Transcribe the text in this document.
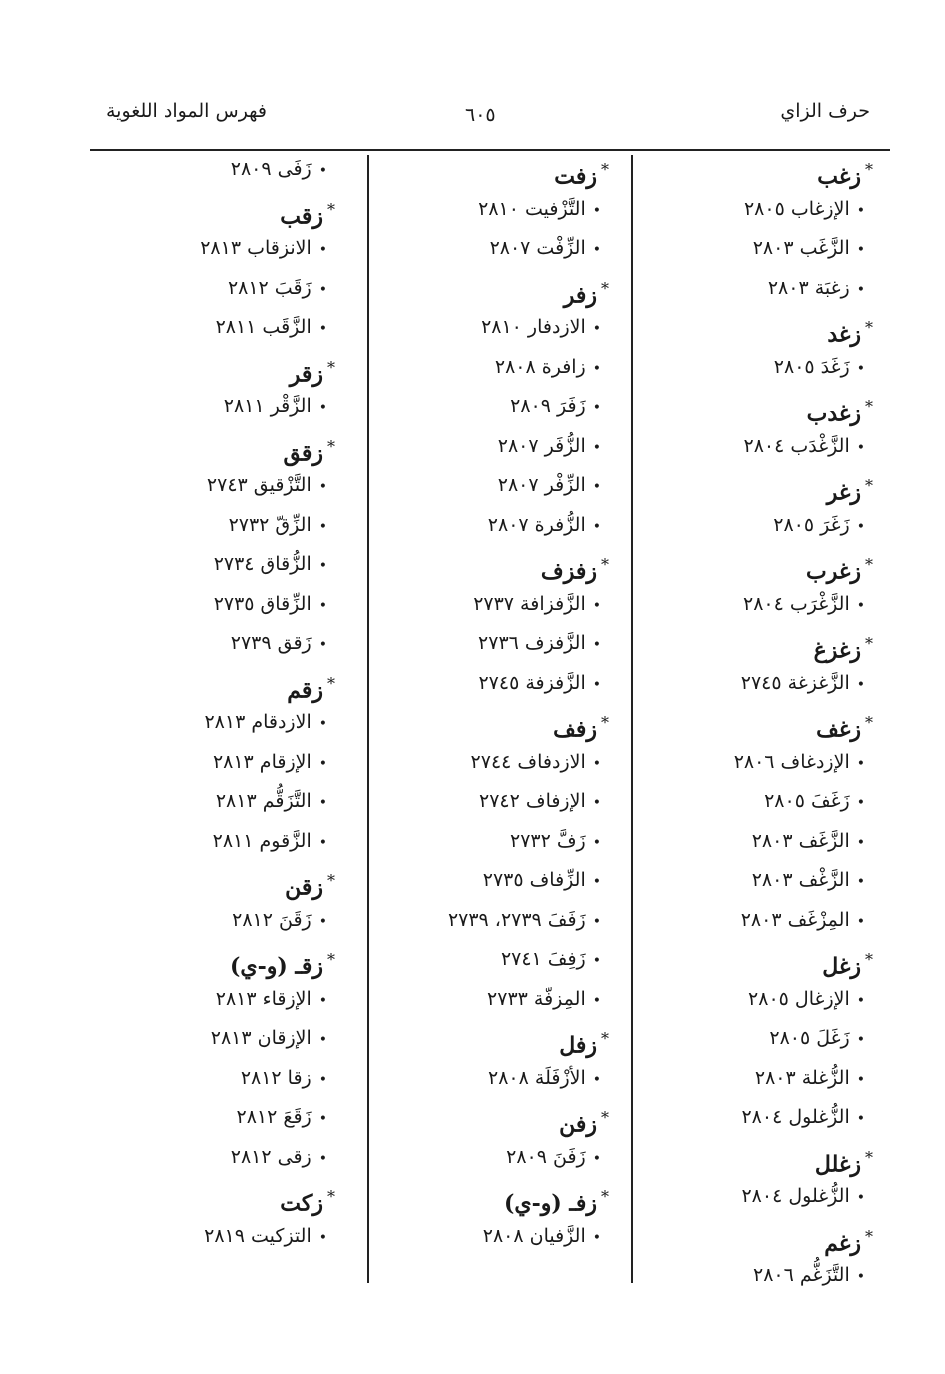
حرف الزاي
٦٠٥
فهرس المواد اللغوية
*زغب
•الإزغاب ٢٨٠٥
•الزَّغَب ٢٨٠٣
•زغبَة ٢٨٠٣
*زغد
•زَغَدَ ٢٨٠٥
*زغدب
•الزَّغْدَب ٢٨٠٤
*زغر
•زَغَرَ ٢٨٠٥
*زغرب
•الزَّغْرَب ٢٨٠٤
*زغزغ
•الزَّغزغة ٢٧٤٥
*زغف
•الإزدغاف ٢٨٠٦
•زَغَفَ ٢٨٠٥
•الزَّغَف ٢٨٠٣
•الزَّغْف ٢٨٠٣
•المِزْغَف ٢٨٠٣
*زغل
•الإزغال ٢٨٠٥
•زَغَلَ ٢٨٠٥
•الزُّغلة ٢٨٠٣
•الزُّغلول ٢٨٠٤
*زغلل
•الزُّغلول ٢٨٠٤
*زغم
•التَّزَغُّم ٢٨٠٦
*زفت
•التَّزْفيت ٢٨١٠
•الزِّفْت ٢٨٠٧
*زفر
•الازدفار ٢٨١٠
•زافرة ٢٨٠٨
•زَفَرَ ٢٨٠٩
•الزُّفَر ٢٨٠٧
•الزِّفْر ٢٨٠٧
•الزُّفرة ٢٨٠٧
*زفزف
•الزَّفزافة ٢٧٣٧
•الزَّفزف ٢٧٣٦
•الزَّفزفة ٢٧٤٥
*زفف
•الازدفاف ٢٧٤٤
•الإزفاف ٢٧٤٢
•زَفَّ ٢٧٣٢
•الزِّفاف ٢٧٣٥
•زَفَفَ ٢٧٣٩، ٢٧٣٩
•زَفِفَ ٢٧٤١
•المِزفّة ٢٧٣٣
*زفل
•الأزْفَلَة ٢٨٠٨
*زفن
•زَفَنَ ٢٨٠٩
*زفـ (و-ي)
•الزَّفيان ٢٨٠٨
•زَفَى ٢٨٠٩
*زقب
•الانزقاب ٢٨١٣
•زَقَبَ ٢٨١٢
•الزَّقَب ٢٨١١
*زقر
•الزَّقْر ٢٨١١
*زقق
•التَّزْقيق ٢٧٤٣
•الزِّقّ ٢٧٣٢
•الزُّقاق ٢٧٣٤
•الزِّقاق ٢٧٣٥
•زَقق ٢٧٣٩
*زقم
•الازدقام ٢٨١٣
•الإزقام ٢٨١٣
•التَّزَقُّم ٢٨١٣
•الزَّقوم ٢٨١١
*زقن
•زَقَنَ ٢٨١٢
*زقـ (و-ي)
•الإزقاء ٢٨١٣
•الإزقان ٢٨١٣
•زقا ٢٨١٢
•زَقَعَ ٢٨١٢
•زقى ٢٨١٢
*زكت
•التزكيت ٢٨١٩
